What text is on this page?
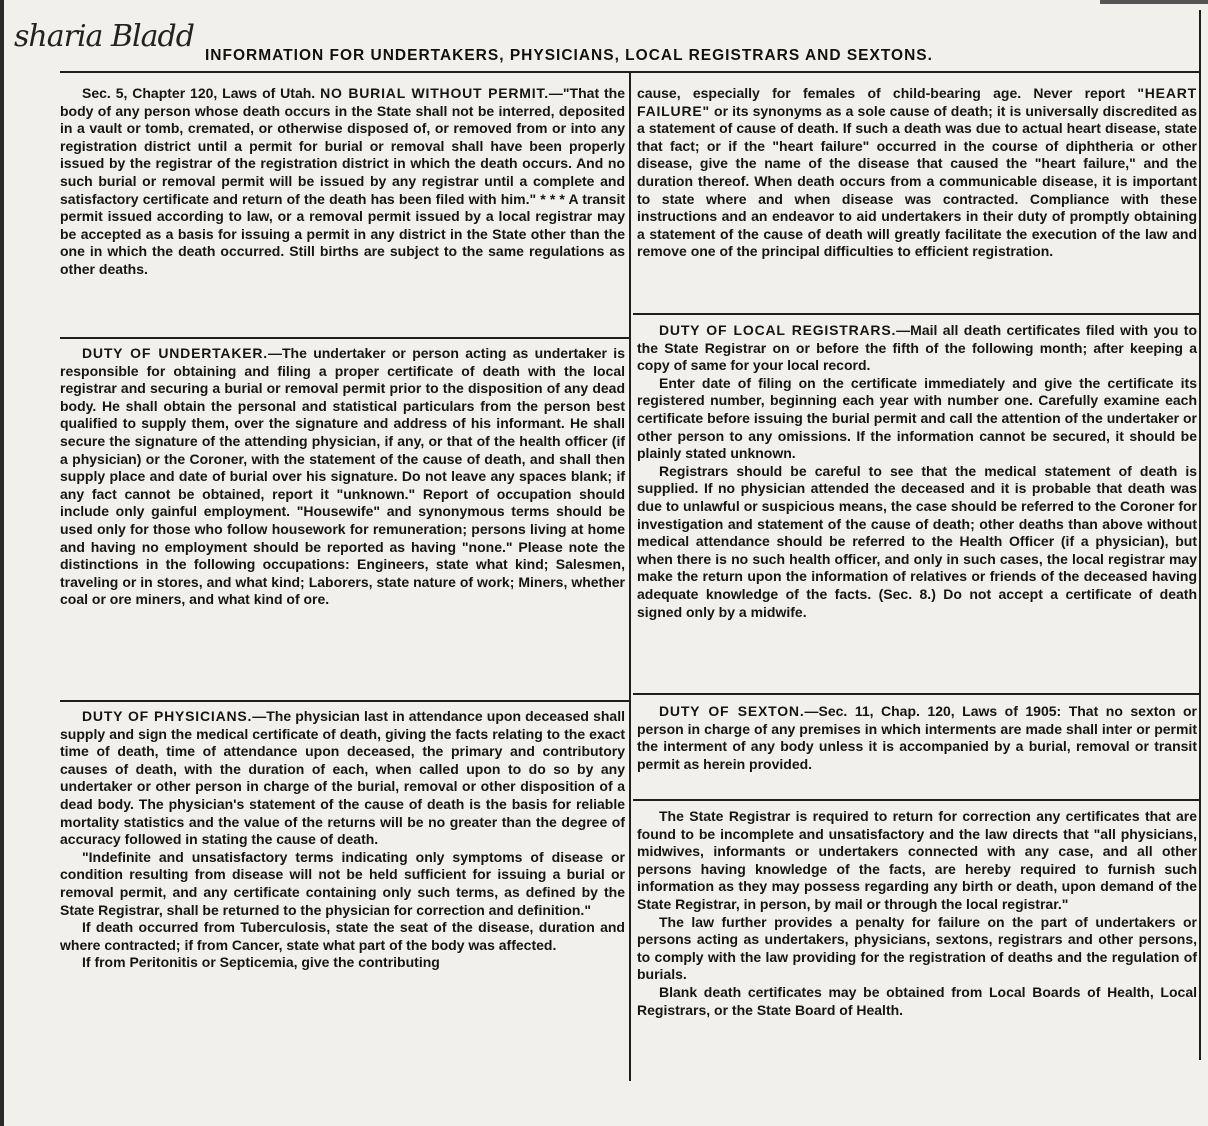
sharia Bladd
INFORMATION FOR UNDERTAKERS, PHYSICIANS, LOCAL REGISTRARS AND SEXTONS.

Sec. 5, Chapter 120, Laws of Utah. NO BURIAL WITHOUT PERMIT.—"That the body of any person whose death occurs in the State shall not be interred, deposited in a vault or tomb, cremated, or otherwise disposed of, or removed from or into any registration district until a permit for burial or removal shall have been properly issued by the registrar of the registration district in which the death occurs. And no such burial or removal permit will be issued by any registrar until a complete and satisfactory certificate and return of the death has been filed with him." * * * A transit permit issued according to law, or a removal permit issued by a local registrar may be accepted as a basis for issuing a permit in any district in the State other than the one in which the death occurred. Still births are subject to the same regulations as other deaths.

DUTY OF UNDERTAKER.—The undertaker or person acting as undertaker is responsible for obtaining and filing a proper certificate of death with the local registrar and securing a burial or removal permit prior to the disposition of any dead body. He shall obtain the personal and statistical particulars from the person best qualified to supply them, over the signature and address of his informant. He shall secure the signature of the attending physician, if any, or that of the health officer (if a physician) or the Coroner, with the statement of the cause of death, and shall then supply place and date of burial over his signature. Do not leave any spaces blank; if any fact cannot be obtained, report it "unknown." Report of occupation should include only gainful employment. "Housewife" and synonymous terms should be used only for those who follow housework for remuneration; persons living at home and having no employment should be reported as having "none." Please note the distinctions in the following occupations: Engineers, state what kind; Salesmen, traveling or in stores, and what kind; Laborers, state nature of work; Miners, whether coal or ore miners, and what kind of ore.

DUTY OF PHYSICIANS.—The physician last in attendance upon deceased shall supply and sign the medical certificate of death, giving the facts relating to the exact time of death, time of attendance upon deceased, the primary and contributory causes of death, with the duration of each, when called upon to do so by any undertaker or other person in charge of the burial, removal or other disposition of a dead body. The physician's statement of the cause of death is the basis for reliable mortality statistics and the value of the returns will be no greater than the degree of accuracy followed in stating the cause of death.

"Indefinite and unsatisfactory terms indicating only symptoms of disease or condition resulting from disease will not be held sufficient for issuing a burial or removal permit, and any certificate containing only such terms, as defined by the State Registrar, shall be returned to the physician for correction and definition."

If death occurred from Tuberculosis, state the seat of the disease, duration and where contracted; if from Cancer, state what part of the body was affected.

If from Peritonitis or Septicemia, give the contributing

cause, especially for females of child-bearing age. Never report "HEART FAILURE" or its synonyms as a sole cause of death; it is universally discredited as a statement of cause of death. If such a death was due to actual heart disease, state that fact; or if the "heart failure" occurred in the course of diphtheria or other disease, give the name of the disease that caused the "heart failure," and the duration thereof. When death occurs from a communicable disease, it is important to state where and when disease was contracted. Compliance with these instructions and an endeavor to aid undertakers in their duty of promptly obtaining a statement of the cause of death will greatly facilitate the execution of the law and remove one of the principal difficulties to efficient registration.

DUTY OF LOCAL REGISTRARS.—Mail all death certificates filed with you to the State Registrar on or before the fifth of the following month; after keeping a copy of same for your local record.

Enter date of filing on the certificate immediately and give the certificate its registered number, beginning each year with number one. Carefully examine each certificate before issuing the burial permit and call the attention of the undertaker or other person to any omissions. If the information cannot be secured, it should be plainly stated unknown.

Registrars should be careful to see that the medical statement of death is supplied. If no physician attended the deceased and it is probable that death was due to unlawful or suspicious means, the case should be referred to the Coroner for investigation and statement of the cause of death; other deaths than above without medical attendance should be referred to the Health Officer (if a physician), but when there is no such health officer, and only in such cases, the local registrar may make the return upon the information of relatives or friends of the deceased having adequate knowledge of the facts. (Sec. 8.) Do not accept a certificate of death signed only by a midwife.

DUTY OF SEXTON.—Sec. 11, Chap. 120, Laws of 1905: That no sexton or person in charge of any premises in which interments are made shall inter or permit the interment of any body unless it is accompanied by a burial, removal or transit permit as herein provided.

The State Registrar is required to return for correction any certificates that are found to be incomplete and unsatisfactory and the law directs that "all physicians, midwives, informants or undertakers connected with any case, and all other persons having knowledge of the facts, are hereby required to furnish such information as they may possess regarding any birth or death, upon demand of the State Registrar, in person, by mail or through the local registrar."

The law further provides a penalty for failure on the part of undertakers or persons acting as undertakers, physicians, sextons, registrars and other persons, to comply with the law providing for the registration of deaths and the regulation of burials.

Blank death certificates may be obtained from Local Boards of Health, Local Registrars, or the State Board of Health.
